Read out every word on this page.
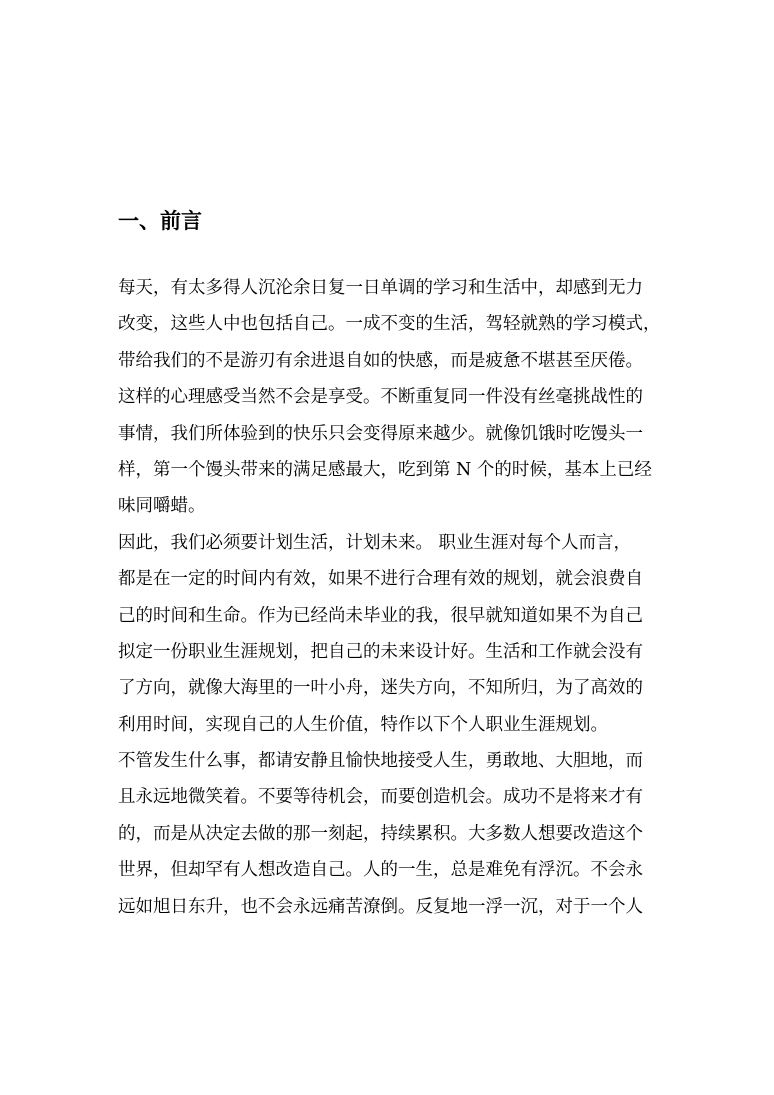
一、前言
每天，有太多得人沉沦余日复一日单调的学习和生活中，却感到无力
改变，这些人中也包括自己。一成不变的生活，驾轻就熟的学习模式，
带给我们的不是游刃有余进退自如的快感，而是疲惫不堪甚至厌倦。
这样的心理感受当然不会是享受。不断重复同一件没有丝毫挑战性的
事情，我们所体验到的快乐只会变得原来越少。就像饥饿时吃馒头一
样，第一个馒头带来的满足感最大，吃到第 N 个的时候，基本上已经
味同嚼蜡。
因此，我们必须要计划生活，计划未来。 职业生涯对每个人而言，
都是在一定的时间内有效，如果不进行合理有效的规划，就会浪费自
己的时间和生命。作为已经尚未毕业的我，很早就知道如果不为自己
拟定一份职业生涯规划，把自己的未来设计好。生活和工作就会没有
了方向，就像大海里的一叶小舟，迷失方向，不知所归，为了高效的
利用时间，实现自己的人生价值，特作以下个人职业生涯规划。
不管发生什么事，都请安静且愉快地接受人生，勇敢地、大胆地，而
且永远地微笑着。不要等待机会，而要创造机会。成功不是将来才有
的，而是从决定去做的那一刻起，持续累积。大多数人想要改造这个
世界，但却罕有人想改造自己。人的一生，总是难免有浮沉。不会永
远如旭日东升，也不会永远痛苦潦倒。反复地一浮一沉，对于一个人
